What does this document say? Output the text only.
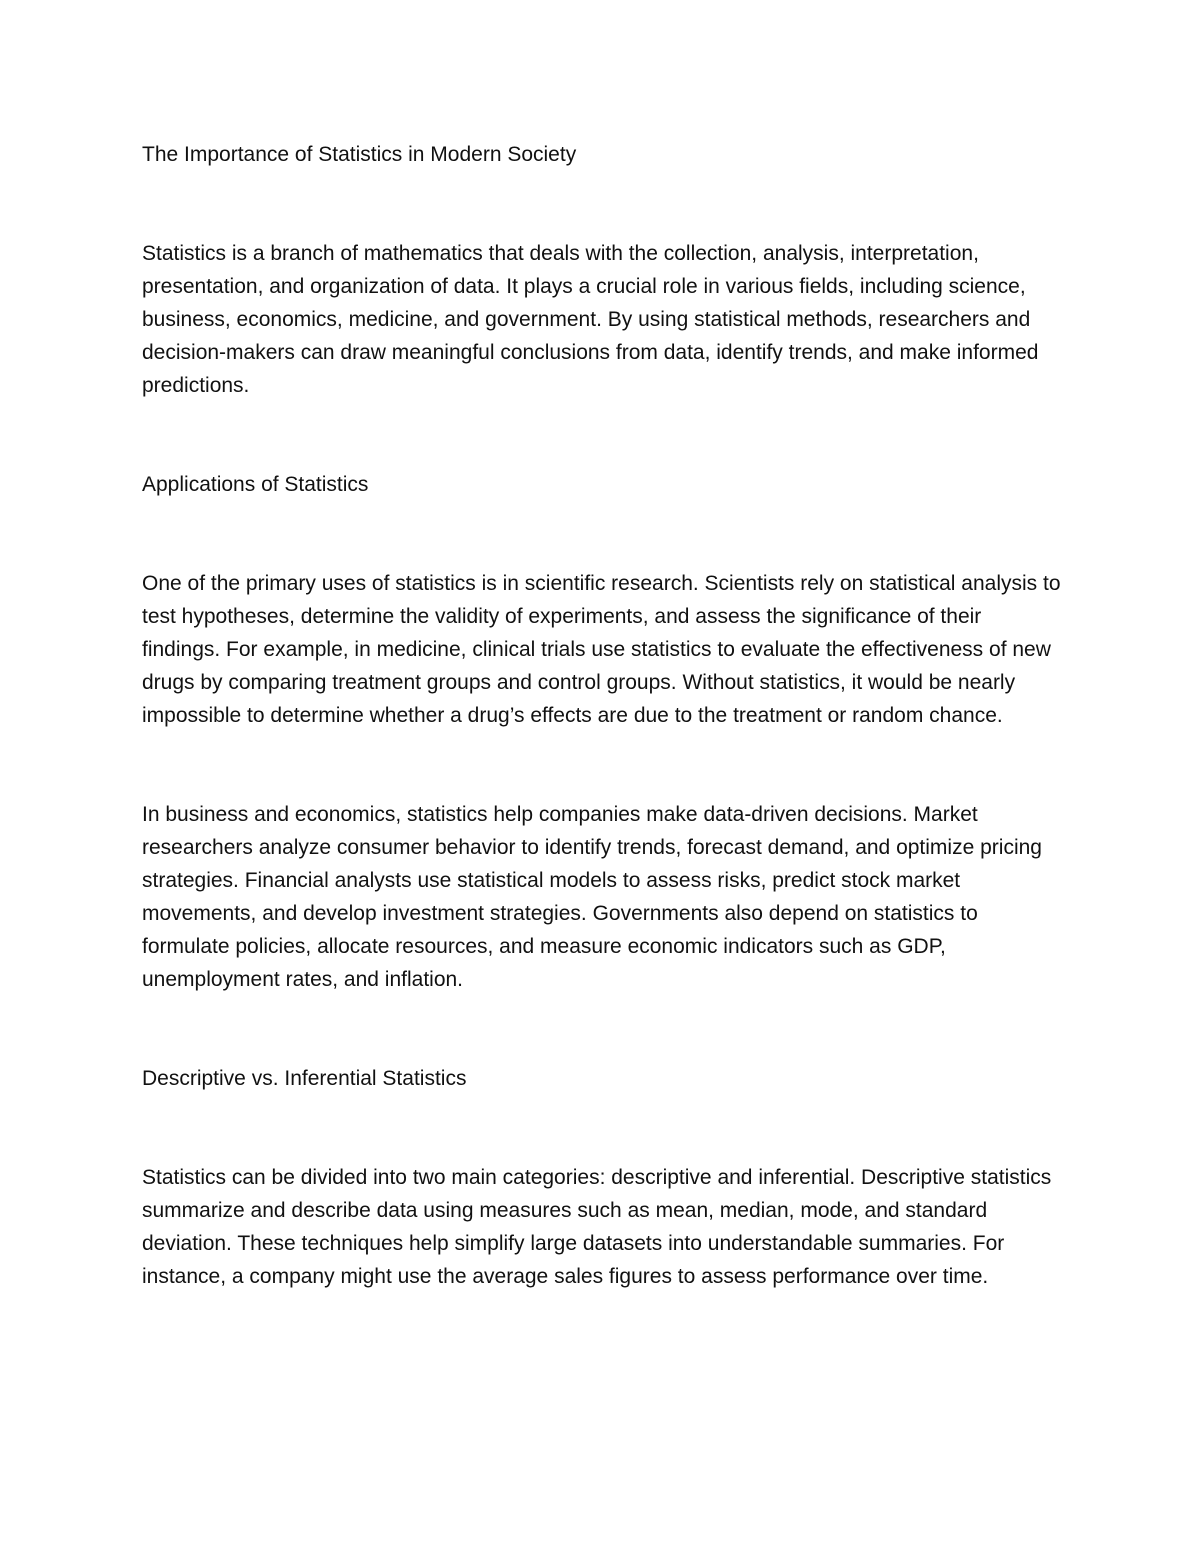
The Importance of Statistics in Modern Society

Statistics is a branch of mathematics that deals with the collection, analysis, interpretation, presentation, and organization of data. It plays a crucial role in various fields, including science, business, economics, medicine, and government. By using statistical methods, researchers and decision-makers can draw meaningful conclusions from data, identify trends, and make informed predictions.

Applications of Statistics

One of the primary uses of statistics is in scientific research. Scientists rely on statistical analysis to test hypotheses, determine the validity of experiments, and assess the significance of their findings. For example, in medicine, clinical trials use statistics to evaluate the effectiveness of new drugs by comparing treatment groups and control groups. Without statistics, it would be nearly impossible to determine whether a drug’s effects are due to the treatment or random chance.

In business and economics, statistics help companies make data-driven decisions. Market researchers analyze consumer behavior to identify trends, forecast demand, and optimize pricing strategies. Financial analysts use statistical models to assess risks, predict stock market movements, and develop investment strategies. Governments also depend on statistics to formulate policies, allocate resources, and measure economic indicators such as GDP, unemployment rates, and inflation.

Descriptive vs. Inferential Statistics

Statistics can be divided into two main categories: descriptive and inferential. Descriptive statistics summarize and describe data using measures such as mean, median, mode, and standard deviation. These techniques help simplify large datasets into understandable summaries. For instance, a company might use the average sales figures to assess performance over time.
